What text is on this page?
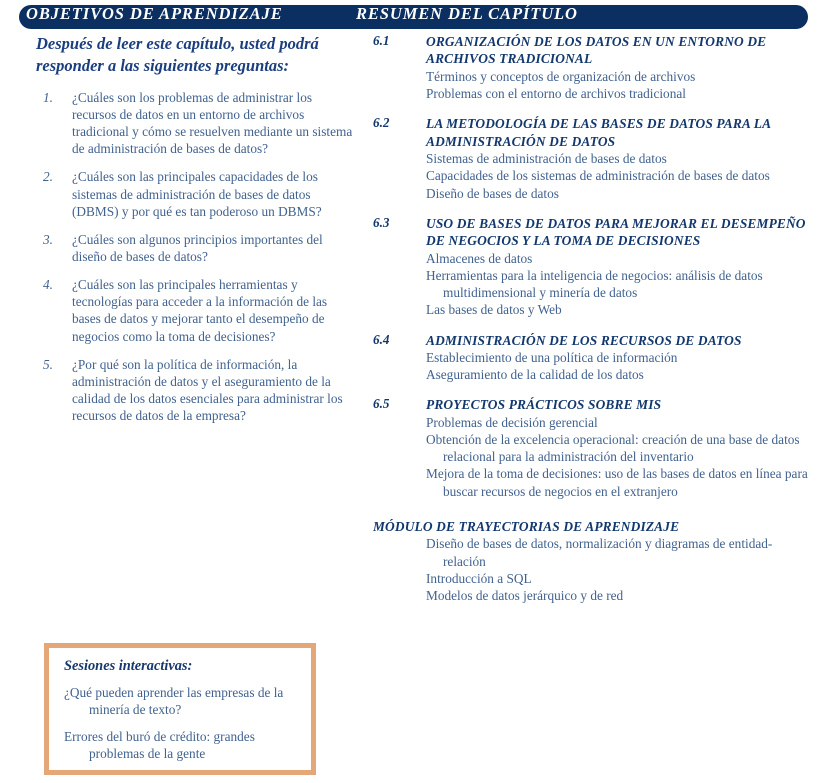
OBJETIVOS DE APRENDIZAJE	RESUMEN DEL CAPÍTULO

Después de leer este capítulo, usted podrá responder a las siguientes preguntas:

1. ¿Cuáles son los problemas de administrar los recursos de datos en un entorno de archivos tradicional y cómo se resuelven mediante un sistema de administración de bases de datos?
2. ¿Cuáles son las principales capacidades de los sistemas de administración de bases de datos (DBMS) y por qué es tan poderoso un DBMS?
3. ¿Cuáles son algunos principios importantes del diseño de bases de datos?
4. ¿Cuáles son las principales herramientas y tecnologías para acceder a la información de las bases de datos y mejorar tanto el desempeño de negocios como la toma de decisiones?
5. ¿Por qué son la política de información, la administración de datos y el aseguramiento de la calidad de los datos esenciales para administrar los recursos de datos de la empresa?
6.1	ORGANIZACIÓN DE LOS DATOS EN UN ENTORNO DE ARCHIVOS TRADICIONAL
Términos y conceptos de organización de archivos
Problemas con el entorno de archivos tradicional
6.2	LA METODOLOGÍA DE LAS BASES DE DATOS PARA LA ADMINISTRACIÓN DE DATOS
Sistemas de administración de bases de datos
Capacidades de los sistemas de administración de bases de datos
Diseño de bases de datos
6.3	USO DE BASES DE DATOS PARA MEJORAR EL DESEMPEÑO DE NEGOCIOS Y LA TOMA DE DECISIONES
Almacenes de datos
Herramientas para la inteligencia de negocios: análisis de datos multidimensional y minería de datos
Las bases de datos y Web
6.4	ADMINISTRACIÓN DE LOS RECURSOS DE DATOS
Establecimiento de una política de información
Aseguramiento de la calidad de los datos
6.5	PROYECTOS PRÁCTICOS SOBRE MIS
Problemas de decisión gerencial
Obtención de la excelencia operacional: creación de una base de datos relacional para la administración del inventario
Mejora de la toma de decisiones: uso de las bases de datos en línea para buscar recursos de negocios en el extranjero
MÓDULO DE TRAYECTORIAS DE APRENDIZAJE
Diseño de bases de datos, normalización y diagramas de entidad-relación
Introducción a SQL
Modelos de datos jerárquico y de red
Sesiones interactivas:
¿Qué pueden aprender las empresas de la minería de texto?
Errores del buró de crédito: grandes problemas de la gente
